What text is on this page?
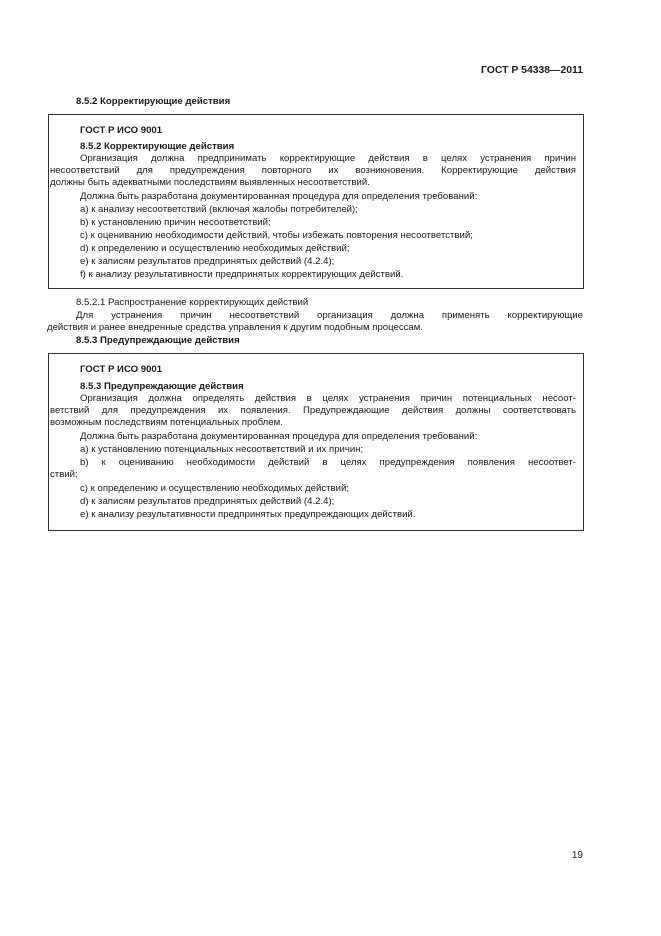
ГОСТ Р 54338—2011
8.5.2 Корректирующие действия
ГОСТ Р ИСО 9001
8.5.2 Корректирующие действия
Организация должна предпринимать корректирующие действия в целях устранения причин
несоответствий для предупреждения повторного их возникновения. Корректирующие действия
должны быть адекватными последствиям выявленных несоответствий.
Должна быть разработана документированная процедура для определения требований:
a) к анализу несоответствий (включая жалобы потребителей);
b) к установлению причин несоответствий;
c) к оцениванию необходимости действий, чтобы избежать повторения несоответствий;
d) к определению и осуществлению необходимых действий;
e) к записям результатов предпринятых действий (4.2.4);
f) к анализу результативности предпринятых корректирующих действий.
8.5.2.1 Распространение корректирующих действий
Для устранения причин несоответствий организация должна применять корректирующие
действия и ранее внедренные средства управления к другим подобным процессам.
8.5.3 Предупреждающие действия
ГОСТ Р ИСО 9001
8.5.3 Предупреждающие действия
Организация должна определять действия в целях устранения причин потенциальных несоот-
ветствий для предупреждения их появления. Предупреждающие действия должны соответствовать
возможным последствиям потенциальных проблем.
Должна быть разработана документированная процедура для определения требований:
a) к установлению потенциальных несоответствий и их причин;
b) к оцениванию необходимости действий в целях предупреждения появления несоответ-
ствий;
c) к определению и осуществлению необходимых действий;
d) к записям результатов предпринятых действий (4.2.4);
e) к анализу результативности предпринятых предупреждающих действий.
19
